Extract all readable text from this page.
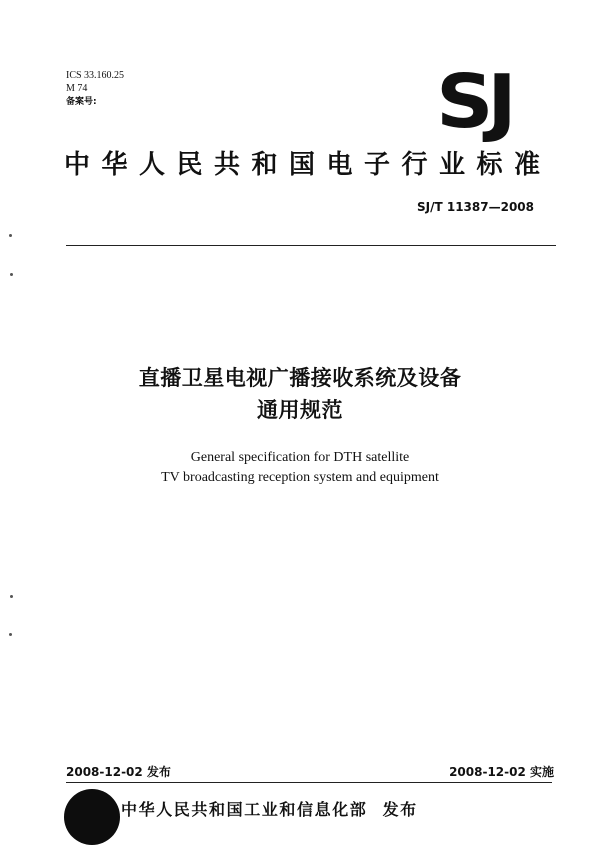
ICS 33.160.25
M 74
备案号:	SJ
中华人民共和国电子行业标准
SJ/T 11387—2008
直播卫星电视广播接收系统及设备
通用规范
General specification for DTH satellite
TV broadcasting reception system and equipment
2008-12-02 发布	2008-12-02 实施
中华人民共和国工业和信息化部 发布
